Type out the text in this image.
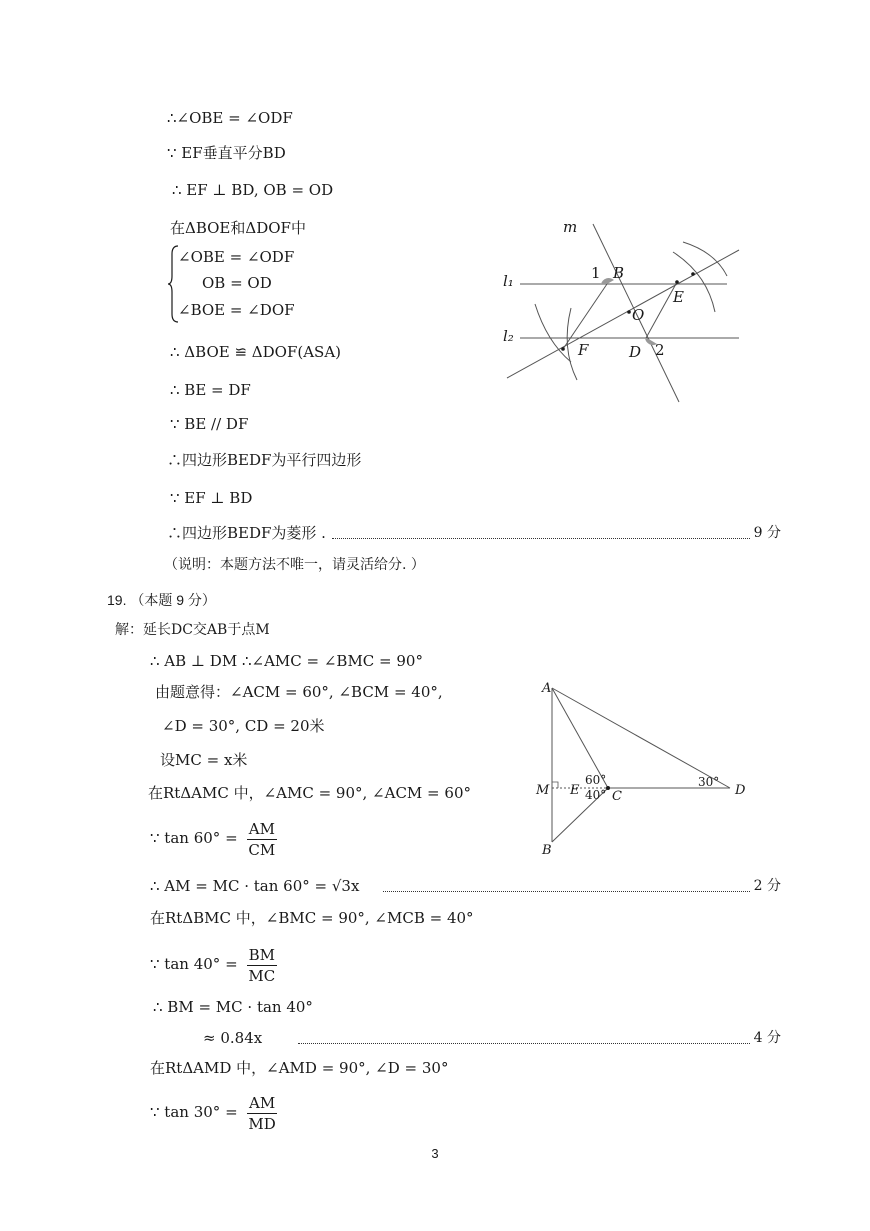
∴∠OBE = ∠ODF
∵ EF垂直平分BD
∴ EF ⊥ BD, OB = OD
在ΔBOE和ΔDOF中
∠OBE = ∠ODF
OB = OD
∠BOE = ∠DOF
∴ ΔBOE ≌ ΔDOF(ASA)
∴ BE = DF
∵ BE // DF
∴四边形BEDF为平行四边形
∵ EF ⊥ BD
∴四边形BEDF为菱形 .	9 分
（说明：本题方法不唯一，请灵活给分. ）
m
l₁
l₂
1 B
E
O
F	D 2
19. （本题 9 分）
解：延长DC交AB于点M
∴ AB ⊥ DM ∴∠AMC = ∠BMC = 90°
由题意得：∠ACM = 60°, ∠BCM = 40°,
∠D = 30°, CD = 20米
设MC = x米
在RtΔAMC 中，∠AMC = 90°, ∠ACM = 60°
∵ $\tan 60^\circ = \frac{AM}{CM}$
∴ AM = MC · tan 60° = √3x	2 分
在RtΔBMC 中，∠BMC = 90°, ∠MCB = 40°
∵ $\tan 40^\circ = \frac{BM}{MC}$
∴ BM = MC · tan 40°
≈ 0.84x	4 分
在RtΔAMD 中，∠AMD = 90°, ∠D = 30°
∵ $\tan 30^\circ = \frac{AM}{MD}$
A
M E	C	D
B
60°
40°
30°
3
